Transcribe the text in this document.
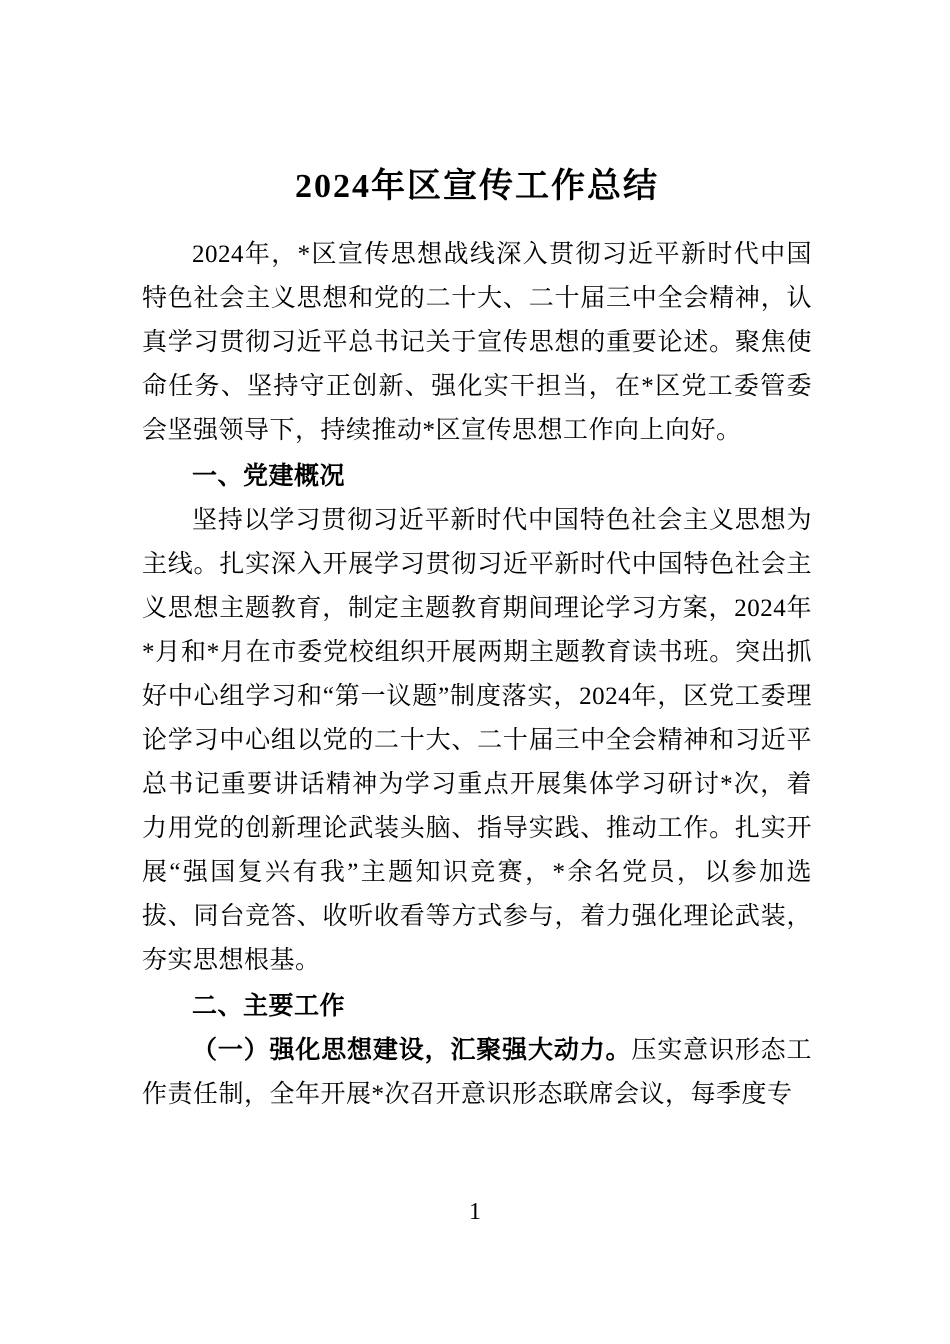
2024年区宣传工作总结

2024年，*区宣传思想战线深入贯彻习近平新时代中国特色社会主义思想和党的二十大、二十届三中全会精神，认真学习贯彻习近平总书记关于宣传思想的重要论述。聚焦使命任务、坚持守正创新、强化实干担当，在*区党工委管委会坚强领导下，持续推动*区宣传思想工作向上向好。

一、党建概况

坚持以学习贯彻习近平新时代中国特色社会主义思想为主线。扎实深入开展学习贯彻习近平新时代中国特色社会主义思想主题教育，制定主题教育期间理论学习方案，2024年*月和*月在市委党校组织开展两期主题教育读书班。突出抓好中心组学习和“第一议题”制度落实，2024年，区党工委理论学习中心组以党的二十大、二十届三中全会精神和习近平总书记重要讲话精神为学习重点开展集体学习研讨*次，着力用党的创新理论武装头脑、指导实践、推动工作。扎实开展“强国复兴有我”主题知识竞赛，*余名党员，以参加选拔、同台竞答、收听收看等方式参与，着力强化理论武装，夯实思想根基。

二、主要工作

（一）强化思想建设，汇聚强大动力。压实意识形态工作责任制，全年开展*次召开意识形态联席会议，每季度专

1
